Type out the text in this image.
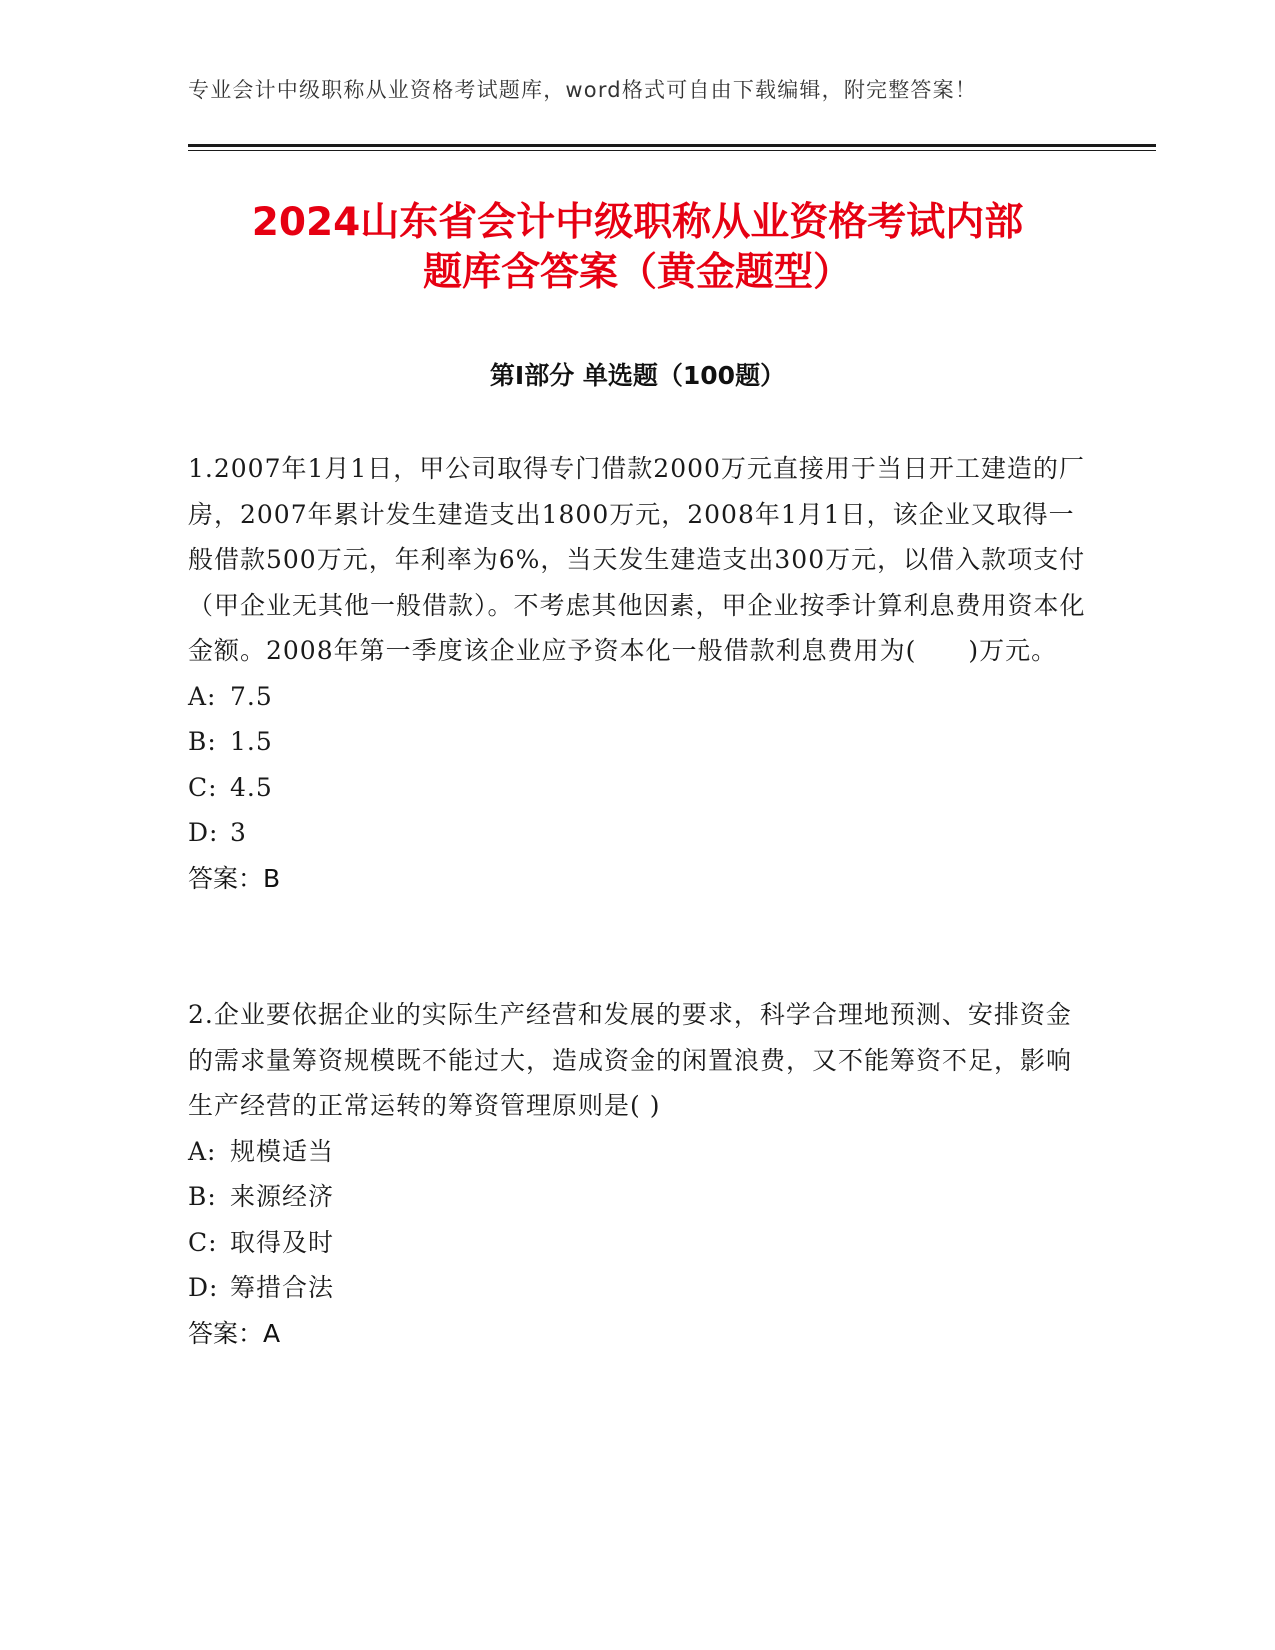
专业会计中级职称从业资格考试题库，word格式可自由下载编辑，附完整答案！
2024山东省会计中级职称从业资格考试内部
题库含答案（黄金题型）
第Ⅰ部分 单选题（100题）

1.2007年1月1日，甲公司取得专门借款2000万元直接用于当日开工建造的厂房，2007年累计发生建造支出1800万元，2008年1月1日，该企业又取得一般借款500万元，年利率为6%，当天发生建造支出300万元，以借入款项支付（甲企业无其他一般借款）。不考虑其他因素，甲企业按季计算利息费用资本化金额。2008年第一季度该企业应予资本化一般借款利息费用为(　　)万元。

A: 7.5

B: 1.5

C: 4.5

D: 3

答案：B

2.企业要依据企业的实际生产经营和发展的要求，科学合理地预测、安排资金的需求量筹资规模既不能过大，造成资金的闲置浪费，又不能筹资不足，影响生产经营的正常运转的筹资管理原则是( )

A: 规模适当

B: 来源经济

C: 取得及时

D: 筹措合法

答案：A
